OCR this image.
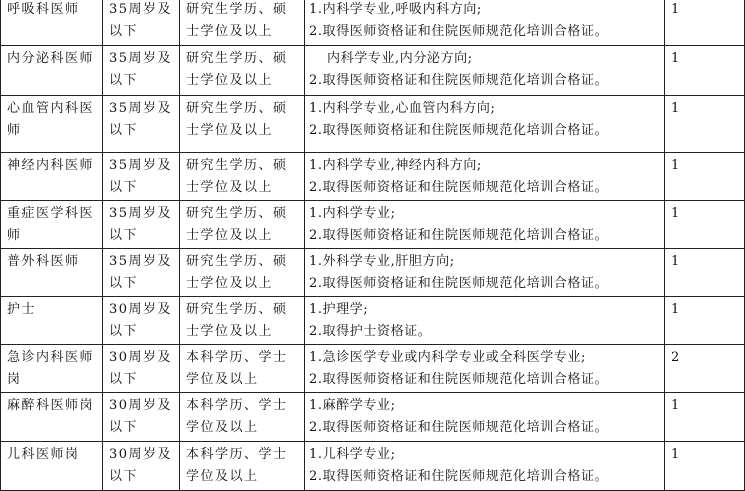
呼吸科医师	35周岁及以下	研究生学历、硕士学位及以上	1.内科学专业,呼吸内科方向;
2.取得医师资格证和住院医师规范化培训合格证。	1
内分泌科医师	35周岁及以下	研究生学历、硕士学位及以上	内科学专业,内分泌方向;
2.取得医师资格证和住院医师规范化培训合格证。	1
心血管内科医师	35周岁及以下	研究生学历、硕士学位及以上	1.内科学专业,心血管内科方向;
2.取得医师资格证和住院医师规范化培训合格证。	1
神经内科医师	35周岁及以下	研究生学历、硕士学位及以上	1.内科学专业,神经内科方向;
2.取得医师资格证和住院医师规范化培训合格证。	1
重症医学科医师	35周岁及以下	研究生学历、硕士学位及以上	1.内科学专业;
2.取得医师资格证和住院医师规范化培训合格证。	1
普外科医师	35周岁及以下	研究生学历、硕士学位及以上	1.外科学专业,肝胆方向;
2.取得医师资格证和住院医师规范化培训合格证。	1
护士	30周岁及以下	研究生学历、硕士学位及以上	1.护理学;
2.取得护士资格证。	1
急诊内科医师岗	30周岁及以下	本科学历、学士学位及以上	1.急诊医学专业或内科学专业或全科医学专业;
2.取得医师资格证和住院医师规范化培训合格证。	2
麻醉科医师岗	30周岁及以下	本科学历、学士学位及以上	1.麻醉学专业;
2.取得医师资格证和住院医师规范化培训合格证。	1
儿科医师岗	30周岁及以下	本科学历、学士学位及以上	1.儿科学专业;
2.取得医师资格证和住院医师规范化培训合格证。	1
